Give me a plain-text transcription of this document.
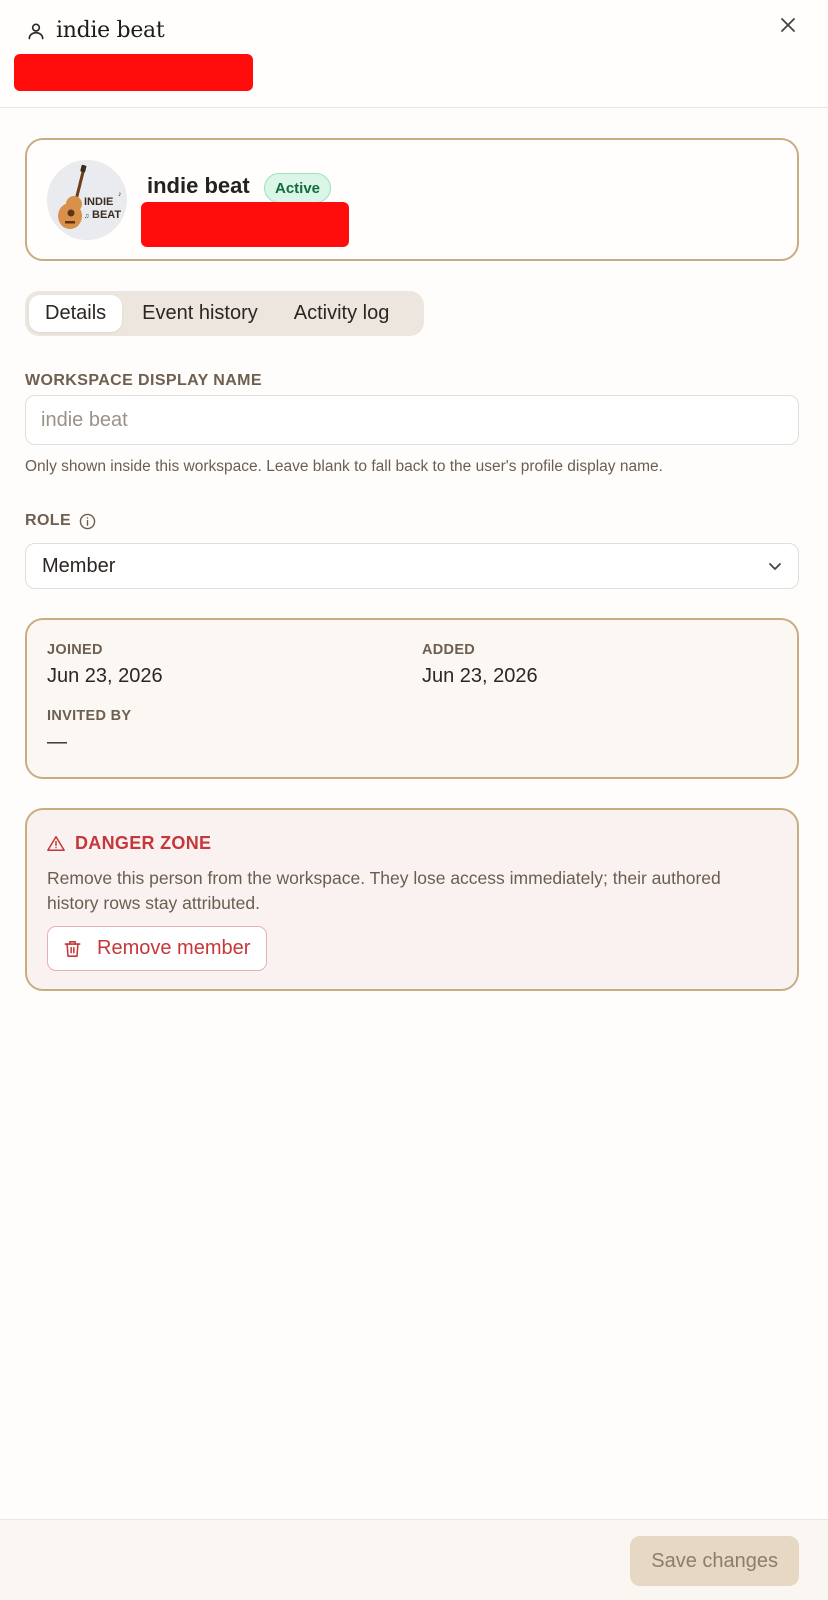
indie beat
INDIE
BEAT
♪
♫
indie beat	Active
Details	Event history	Activity log
WORKSPACE DISPLAY NAME
indie beat
Only shown inside this workspace. Leave blank to fall back to the user's profile display name.
ROLE
Member
JOINED
Jun 23, 2026
ADDED
Jun 23, 2026
INVITED BY
—
DANGER ZONE
Remove this person from the workspace. They lose access immediately; their authored history rows stay attributed.
Remove member
Save changes
